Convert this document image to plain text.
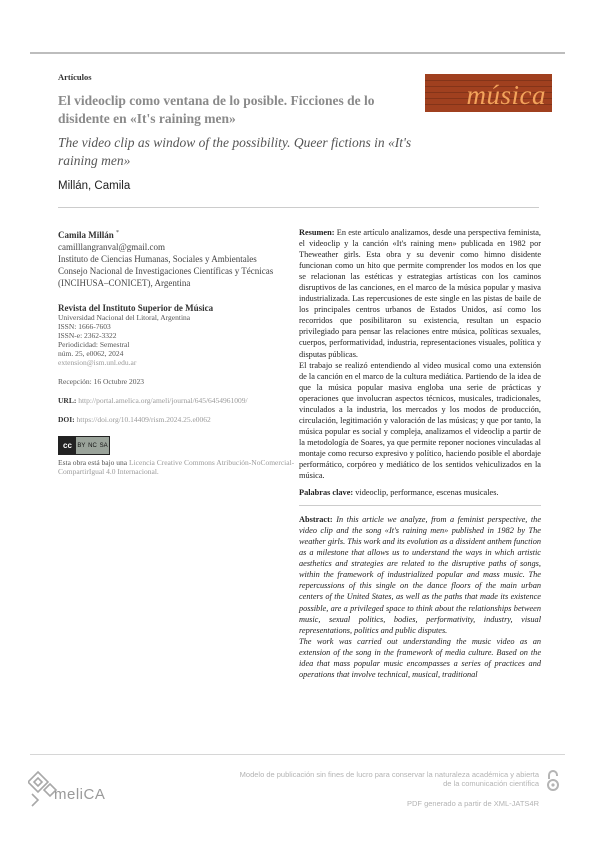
Artículos
música
El videoclip como ventana de lo posible. Ficciones de lo disidente en «It's raining men»
The video clip as window of the possibility. Queer fictions in «It's raining men»
Millán, Camila
Camila Millán *
camilllangranval@gmail.com
Instituto de Ciencias Humanas, Sociales y Ambientales
Consejo Nacional de Investigaciones Científicas y Técnicas (INCIHUSA–CONICET), Argentina
Revista del Instituto Superior de Música
Universidad Nacional del Litoral, Argentina
ISSN: 1666-7603
ISSN-e: 2362-3322
Periodicidad: Semestral
núm. 25, e0062, 2024
extension@ism.unl.edu.ar
Recepción: 16 Octubre 2023
URL: http://portal.amelica.org/ameli/journal/645/6454961009/
DOI: https://doi.org/10.14409/rism.2024.25.e0062
cc BY NC SA
Esta obra está bajo una Licencia Creative Commons Atribución-NoComercial-CompartirIgual 4.0 Internacional.

Resumen: En este artículo analizamos, desde una perspectiva feminista, el videoclip y la canción «It's raining men» publicada en 1982 por Theweather girls. Esta obra y su devenir como himno disidente funcionan como un hito que permite comprender los modos en los que se relacionan las estéticas y estrategias artísticas con los caminos disruptivos de las canciones, en el marco de la música popular y masiva industrializada. Las repercusiones de este single en las pistas de baile de los principales centros urbanos de Estados Unidos, así como los recorridos que posibilitaron su existencia, resultan un espacio privilegiado para pensar las relaciones entre música, políticas sexuales, cuerpos, performatividad, industria, representaciones visuales, política y disputas públicas.

El trabajo se realizó entendiendo al video musical como una extensión de la canción en el marco de la cultura mediática. Partiendo de la idea de que la música popular masiva engloba una serie de prácticas y operaciones que involucran aspectos técnicos, musicales, tradicionales, vinculados a la industria, los mercados y los modos de producción, circulación, legitimación y valoración de las músicas; y que por tanto, la música popular es social y compleja, analizamos el videoclip a partir de la metodología de Soares, ya que permite reponer nociones vinculadas al montaje como recurso expresivo y político, haciendo posible el abordaje performático, corpóreo y mediático de los sentidos vehiculizados en la música.

Palabras clave: videoclip, performance, escenas musicales.

Abstract: In this article we analyze, from a feminist perspective, the video clip and the song «It's raining men» published in 1982 by The weather girls. This work and its evolution as a dissident anthem function as a milestone that allows us to understand the ways in which artistic aesthetics and strategies are related to the disruptive paths of songs, within the framework of industrialized popular and mass music. The repercussions of this single on the dance floors of the main urban centers of the United States, as well as the paths that made its existence possible, are a privileged space to think about the relationships between music, sexual politics, bodies, performativity, industry, visual representations, politics and public disputes.

The work was carried out understanding the music video as an extension of the song in the framework of media culture. Based on the idea that mass popular music encompasses a series of practices and operations that involve technical, musical, traditional

meliCA
Modelo de publicación sin fines de lucro para conservar la naturaleza académica y abierta de la comunicación científica
PDF generado a partir de XML-JATS4R
